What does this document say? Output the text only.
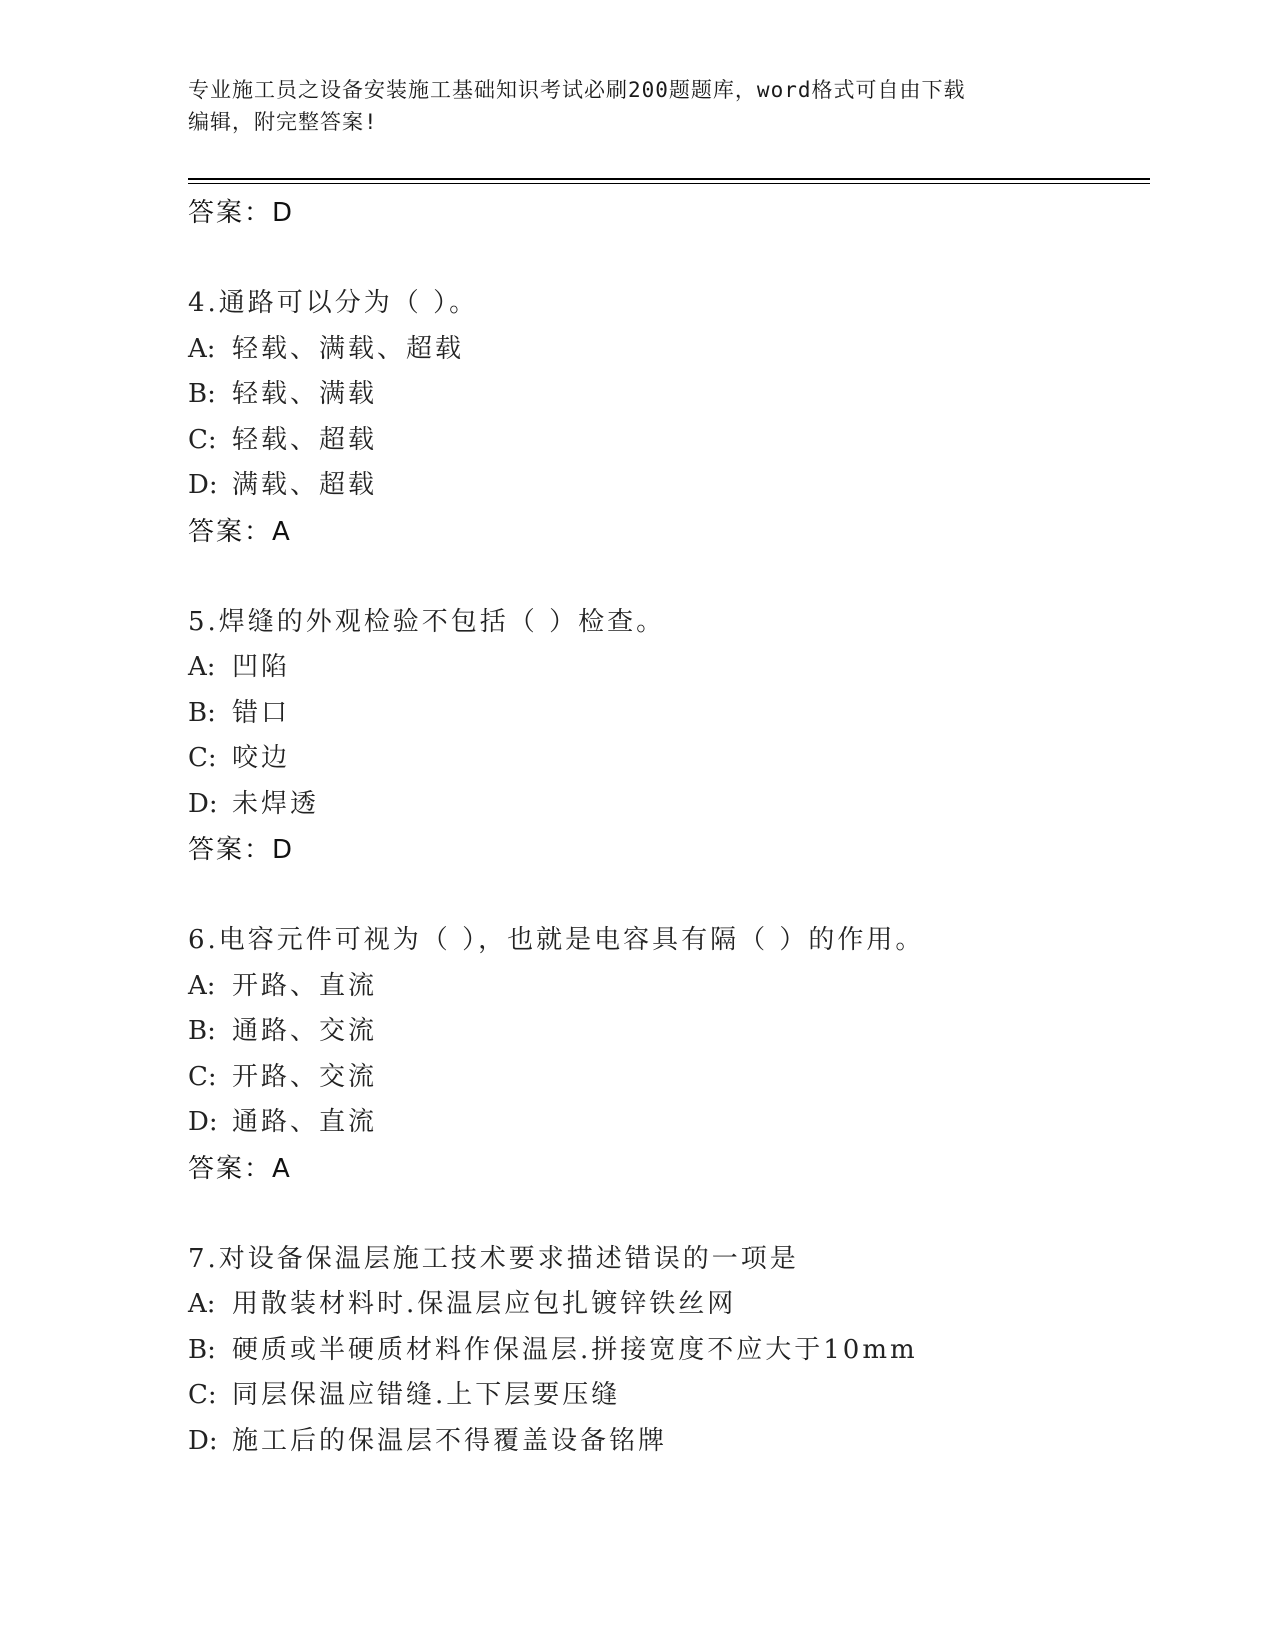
专业施工员之设备安装施工基础知识考试必刷200题题库，word格式可自由下载
编辑，附完整答案!
答案：D
4.通路可以分为（ ）。
A: 轻载、满载、超载
B: 轻载、满载
C: 轻载、超载
D: 满载、超载
答案：A
5.焊缝的外观检验不包括（ ）检查。
A: 凹陷
B: 错口
C: 咬边
D: 未焊透
答案：D
6.电容元件可视为（ ），也就是电容具有隔（ ）的作用。
A: 开路、直流
B: 通路、交流
C: 开路、交流
D: 通路、直流
答案：A
7.对设备保温层施工技术要求描述错误的一项是
A: 用散装材料时.保温层应包扎镀锌铁丝网
B: 硬质或半硬质材料作保温层.拼接宽度不应大于10mm
C: 同层保温应错缝.上下层要压缝
D: 施工后的保温层不得覆盖设备铭牌
